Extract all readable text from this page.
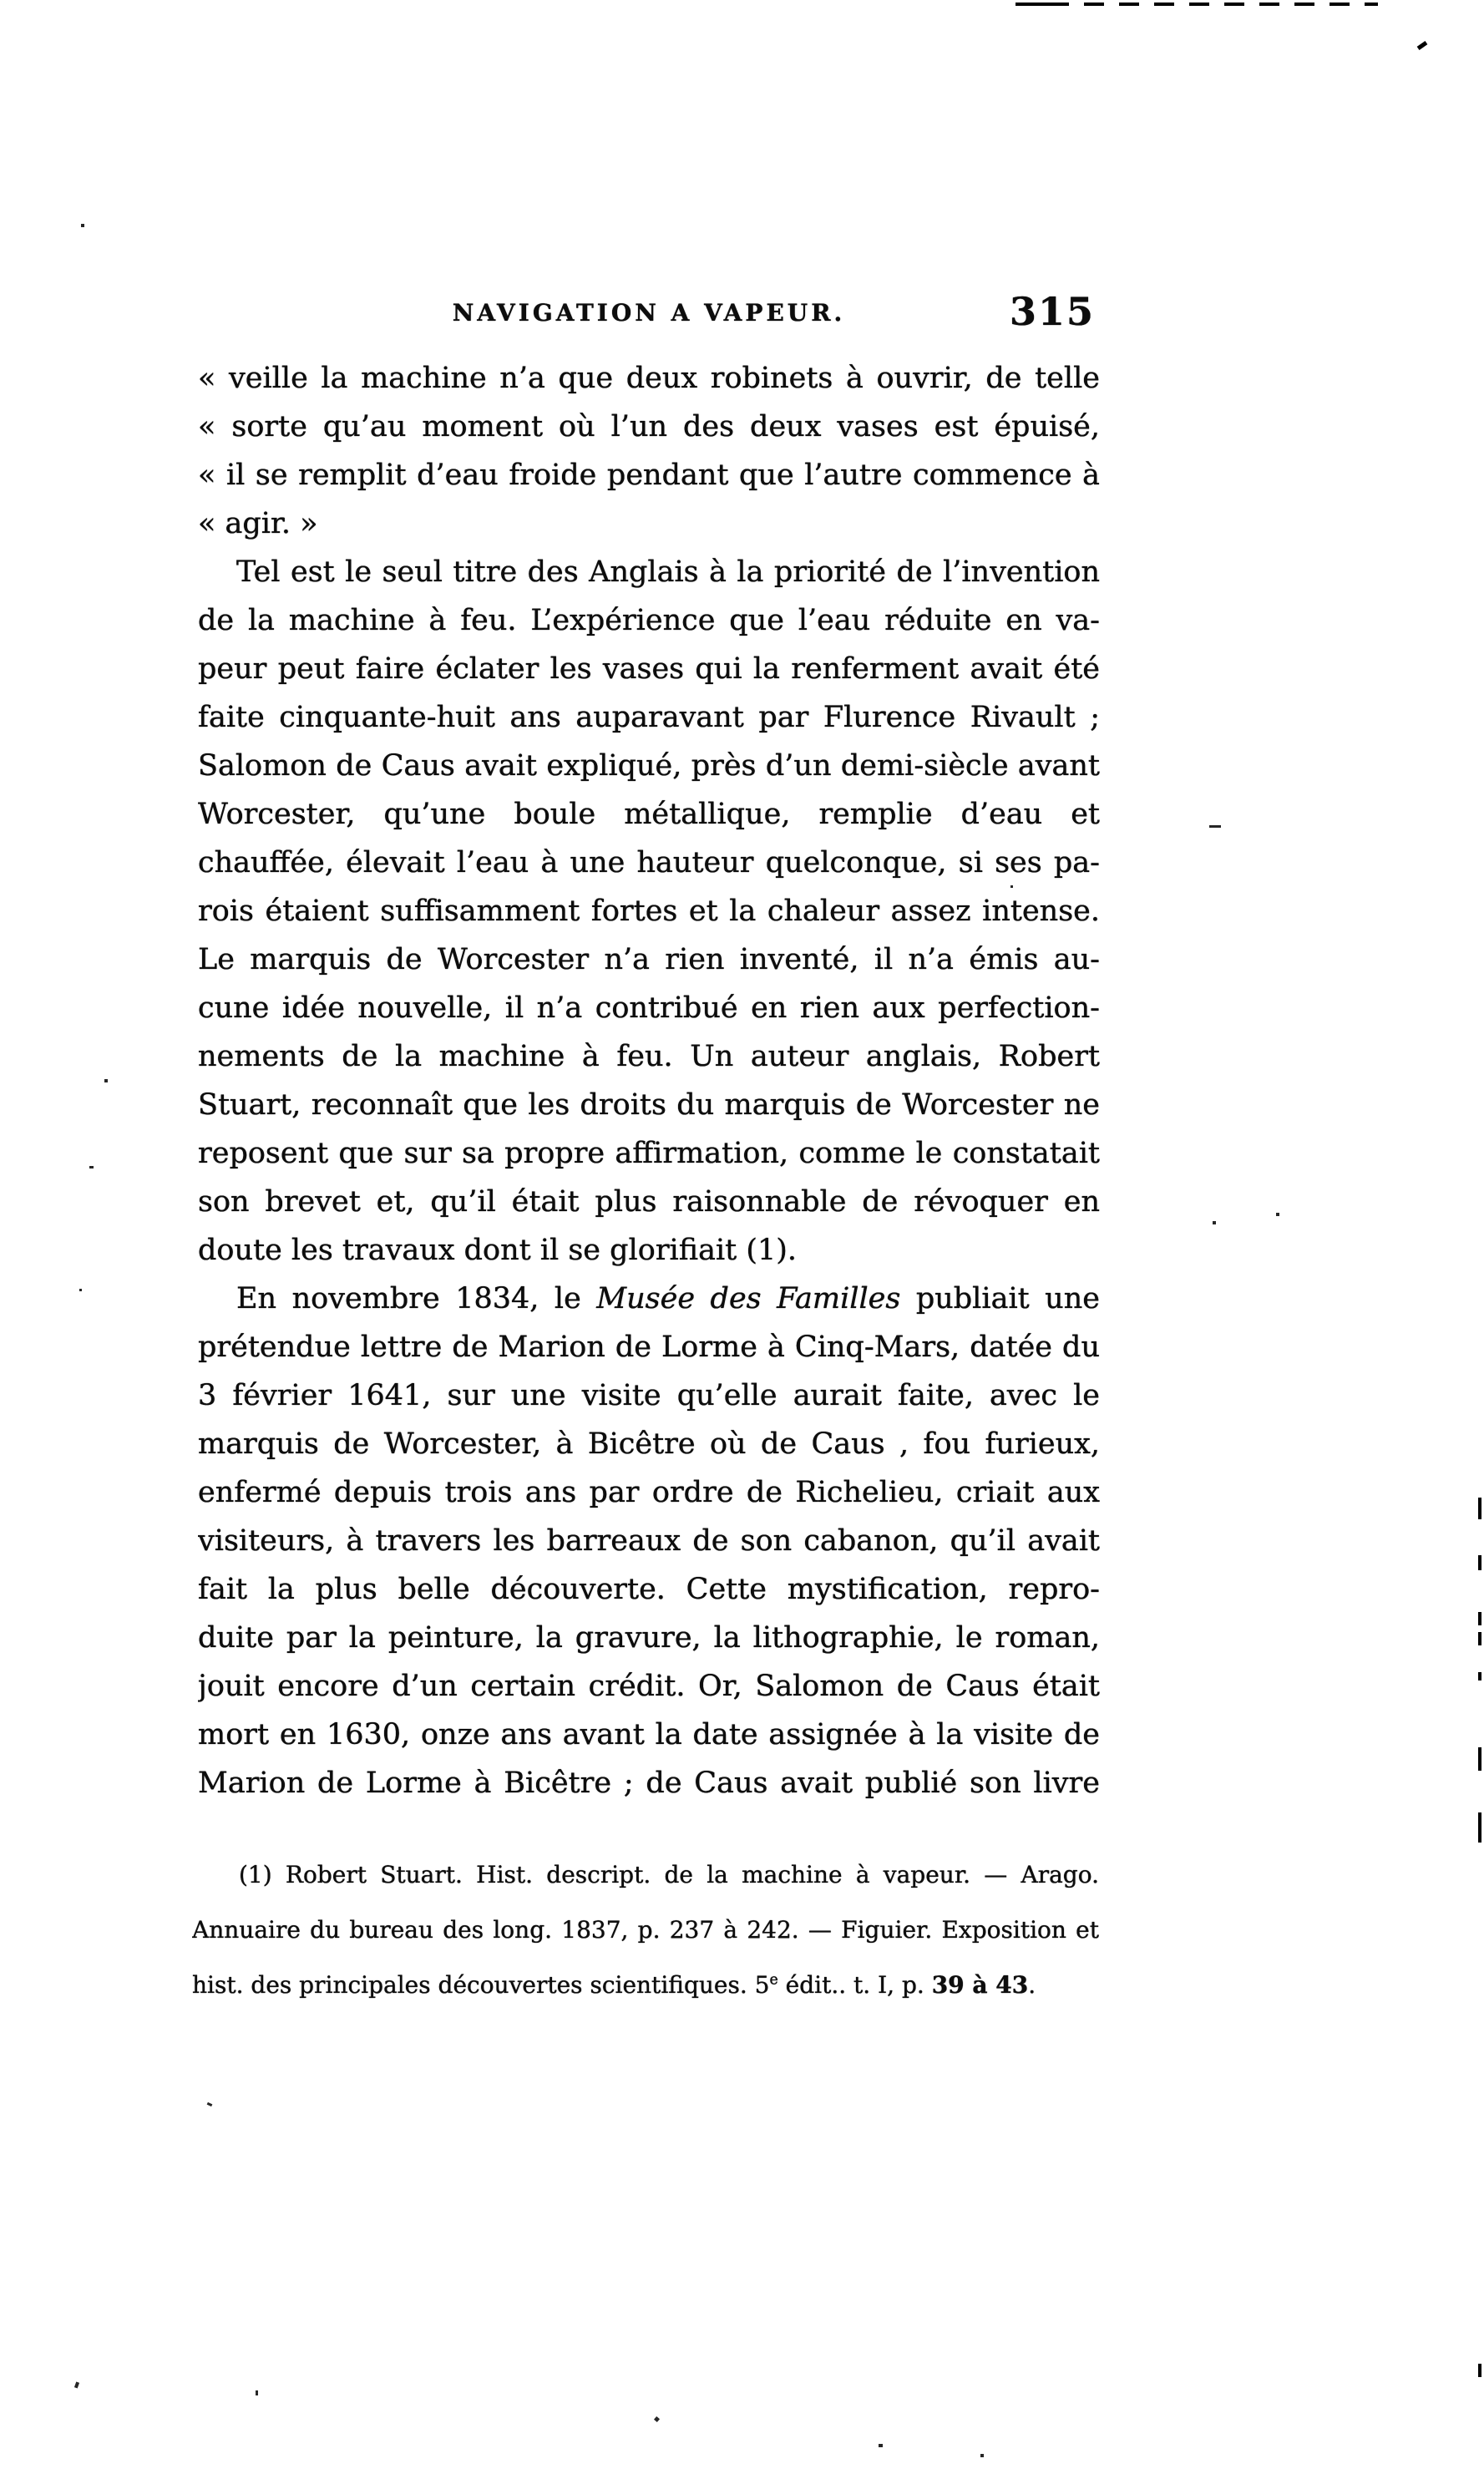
NAVIGATION A VAPEUR.	315
« veille la machine n’a que deux robinets à ouvrir, de telle
« sorte qu’au moment où l’un des deux vases est épuisé,
« il se remplit d’eau froide pendant que l’autre commence à
« agir. »
Tel est le seul titre des Anglais à la priorité de l’invention
de la machine à feu. L’expérience que l’eau réduite en va-
peur peut faire éclater les vases qui la renferment avait été
faite cinquante-huit ans auparavant par Flurence Rivault ;
Salomon de Caus avait expliqué, près d’un demi-siècle avant
Worcester, qu’une boule métallique, remplie d’eau et
chauffée, élevait l’eau à une hauteur quelconque, si ses pa-
rois étaient suffisamment fortes et la chaleur assez intense.
Le marquis de Worcester n’a rien inventé, il n’a émis au-
cune idée nouvelle, il n’a contribué en rien aux perfection-
nements de la machine à feu. Un auteur anglais, Robert
Stuart, reconnaît que les droits du marquis de Worcester ne
reposent que sur sa propre affirmation, comme le constatait
son brevet et, qu’il était plus raisonnable de révoquer en
doute les travaux dont il se glorifiait (1).
En novembre 1834, le Musée des Familles publiait une
prétendue lettre de Marion de Lorme à Cinq-Mars, datée du
3 février 1641, sur une visite qu’elle aurait faite, avec le
marquis de Worcester, à Bicêtre où de Caus , fou furieux,
enfermé depuis trois ans par ordre de Richelieu, criait aux
visiteurs, à travers les barreaux de son cabanon, qu’il avait
fait la plus belle découverte. Cette mystification, repro-
duite par la peinture, la gravure, la lithographie, le roman,
jouit encore d’un certain crédit. Or, Salomon de Caus était
mort en 1630, onze ans avant la date assignée à la visite de
Marion de Lorme à Bicêtre ; de Caus avait publié son livre
(1) Robert Stuart. Hist. descript. de la machine à vapeur. — Arago.
Annuaire du bureau des long. 1837, p. 237 à 242. — Figuier. Exposition et
hist. des principales découvertes scientifiques. 5e édit.. t. I, p. 39 à 43.
